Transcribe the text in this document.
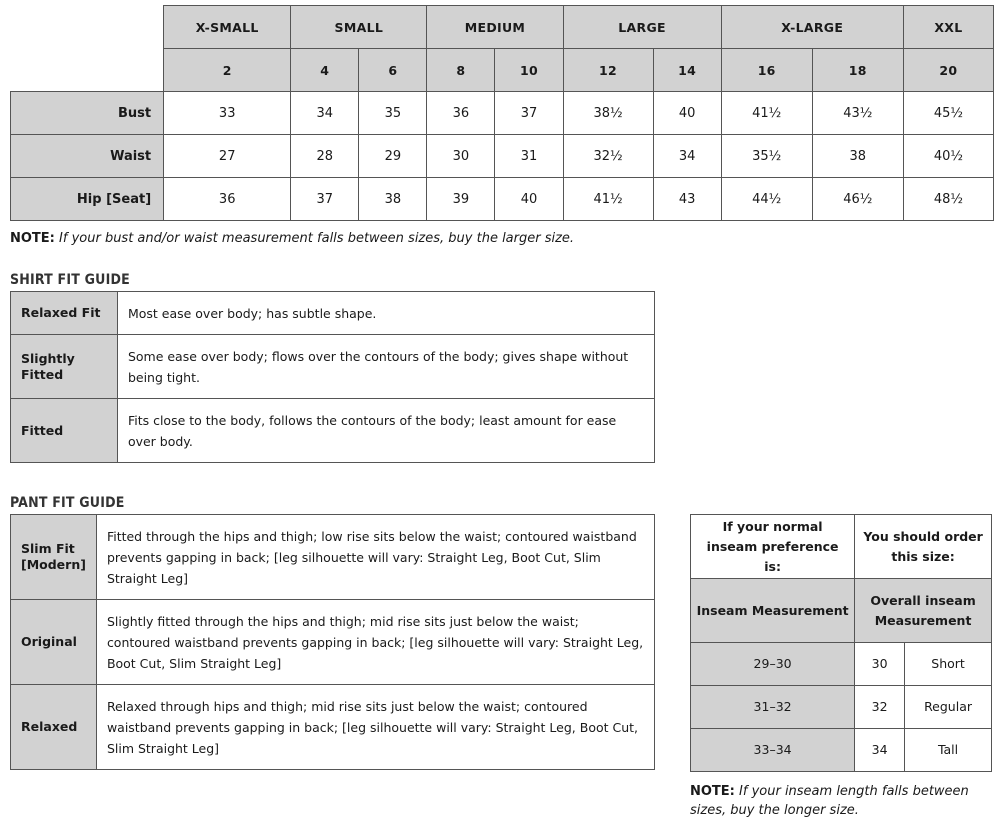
	X-SMALL	SMALL		MEDIUM		LARGE		X-LARGE		XXL
	2	4	6	8	10	12	14	16	18	20
Bust	33	34	35	36	37	38½	40	41½	43½	45½
Waist	27	28	29	30	31	32½	34	35½	38	40½
Hip [Seat]	36	37	38	39	40	41½	43	44½	46½	48½
NOTE: If your bust and/or waist measurement falls between sizes, buy the larger size.
SHIRT FIT GUIDE
Relaxed Fit	Most ease over body; has subtle shape.
Slightly Fitted	Some ease over body; flows over the contours of the body; gives shape without being tight.
Fitted	Fits close to the body, follows the contours of the body; least amount for ease over body.
PANT FIT GUIDE
Slim Fit [Modern]	Fitted through the hips and thigh; low rise sits below the waist; contoured waistband prevents gapping in back; [leg silhouette will vary: Straight Leg, Boot Cut, Slim Straight Leg]
Original	Slightly fitted through the hips and thigh; mid rise sits just below the waist; contoured waistband prevents gapping in back; [leg silhouette will vary: Straight Leg, Boot Cut, Slim Straight Leg]
Relaxed	Relaxed through hips and thigh; mid rise sits just below the waist; contoured waistband prevents gapping in back; [leg silhouette will vary: Straight Leg, Boot Cut, Slim Straight Leg]
If your normal inseam preference is:	You should order this size:	
Inseam Measurement	Overall inseam Measurement	
29–30	30	Short
31–32	32	Regular
33–34	34	Tall
NOTE: If your inseam length falls between sizes, buy the longer size.
